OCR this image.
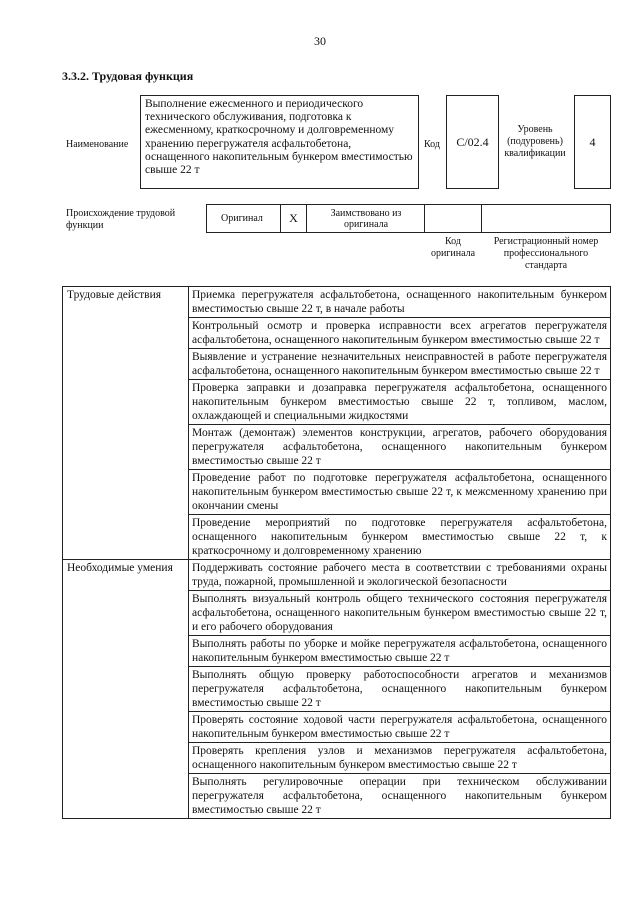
30
3.3.2. Трудовая функция
Наименование
Выполнение ежесменного и периодического технического обслуживания, подготовка к ежесменному, краткосрочному и долговременному хранению перегружателя асфальтобетона, оснащенного накопительным бункером вместимостью свыше 22 т
Код	C/02.4
Уровень (подуровень) квалификации
4
Происхождение трудовой функции
Оригинал	X	Заимствовано из оригинала
Код оригинала
Регистрационный номер профессионального стандарта
Трудовые действия	Приемка перегружателя асфальтобетона, оснащенного накопительным бункером вместимостью свыше 22 т, в начале работы
	Контрольный осмотр и проверка исправности всех агрегатов перегружателя асфальтобетона, оснащенного накопительным бункером вместимостью свыше 22 т
	Выявление и устранение незначительных неисправностей в работе перегружателя асфальтобетона, оснащенного накопительным бункером вместимостью свыше 22 т
	Проверка заправки и дозаправка перегружателя асфальтобетона, оснащенного накопительным бункером вместимостью свыше 22 т, топливом, маслом, охлаждающей и специальными жидкостями
	Монтаж (демонтаж) элементов конструкции, агрегатов, рабочего оборудования перегружателя асфальтобетона, оснащенного накопительным бункером вместимостью свыше 22 т
	Проведение работ по подготовке перегружателя асфальтобетона, оснащенного накопительным бункером вместимостью свыше 22 т, к межсменному хранению при окончании смены
	Проведение мероприятий по подготовке перегружателя асфальтобетона, оснащенного накопительным бункером вместимостью свыше 22 т, к краткосрочному и долговременному хранению
Необходимые умения	Поддерживать состояние рабочего места в соответствии с требованиями охраны труда, пожарной, промышленной и экологической безопасности
	Выполнять визуальный контроль общего технического состояния перегружателя асфальтобетона, оснащенного накопительным бункером вместимостью свыше 22 т, и его рабочего оборудования
	Выполнять работы по уборке и мойке перегружателя асфальтобетона, оснащенного накопительным бункером вместимостью свыше 22 т
	Выполнять общую проверку работоспособности агрегатов и механизмов перегружателя асфальтобетона, оснащенного накопительным бункером вместимостью свыше 22 т
	Проверять состояние ходовой части перегружателя асфальтобетона, оснащенного накопительным бункером вместимостью свыше 22 т
	Проверять крепления узлов и механизмов перегружателя асфальтобетона, оснащенного накопительным бункером вместимостью свыше 22 т
	Выполнять регулировочные операции при техническом обслуживании перегружателя асфальтобетона, оснащенного накопительным бункером вместимостью свыше 22 т
